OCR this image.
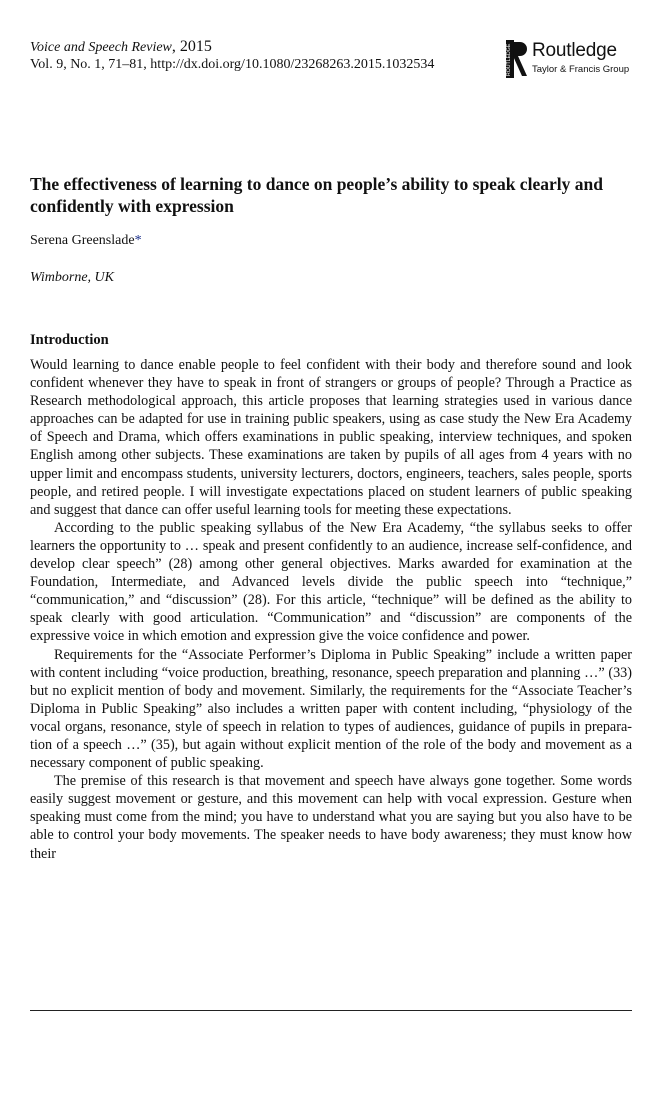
Voice and Speech Review, 2015
Vol. 9, No. 1, 71–81, http://dx.doi.org/10.1080/23268263.2015.1032534	ROUTLEDGE Routledge
Taylor & Francis Group
The effectiveness of learning to dance on people’s ability to speak clearly and confidently with expression
Serena Greenslade*
Wimborne, UK
Introduction

Would learning to dance enable people to feel confident with their body and therefore sound and look confident whenever they have to speak in front of strangers or groups of people? Through a Practice as Research methodological approach, this article proposes that learning strategies used in various dance approaches can be adapted for use in training public speakers, using as case study the New Era Academy of Speech and Drama, which offers examinations in public speaking, interview techniques, and spoken English among other subjects. These examinations are taken by pupils of all ages from 4 years with no upper limit and encompass students, university lecturers, doctors, engineers, teachers, sales people, sports people, and retired people. I will investigate expectations placed on student learners of public speaking and suggest that dance can offer useful learning tools for meeting these expectations.

According to the public speaking syllabus of the New Era Academy, “the syllabus seeks to offer learners the opportunity to … speak and present confidently to an audience, increase self-confidence, and develop clear speech” (28) among other general objectives. Marks awarded for examination at the Foundation, Intermediate, and Advanced levels divide the public speech into “technique,” “communication,” and “discussion” (28). For this article, “technique” will be defined as the ability to speak clearly with good articulation. “Communication” and “discussion” are components of the expressive voice in which emotion and expression give the voice confidence and power.

Requirements for the “Associate Performer’s Diploma in Public Speaking” include a written paper with content including “voice production, breathing, resonance, speech preparation and planning …” (33) but no explicit mention of body and movement. Similarly, the requirements for the “Associate Teacher’s Diploma in Public Speaking” also includes a written paper with content including, “physiology of the vocal organs, resonance, style of speech in relation to types of audiences, guidance of pupils in preparation of a speech …” (35), but again without explicit mention of the role of the body and movement as a necessary component of public speaking.

The premise of this research is that movement and speech have always gone together. Some words easily suggest movement or gesture, and this movement can help with vocal expression. Gesture when speaking must come from the mind; you have to understand what you are saying but you also have to be able to control your body movements. The speaker needs to have body awareness; they must know how their
